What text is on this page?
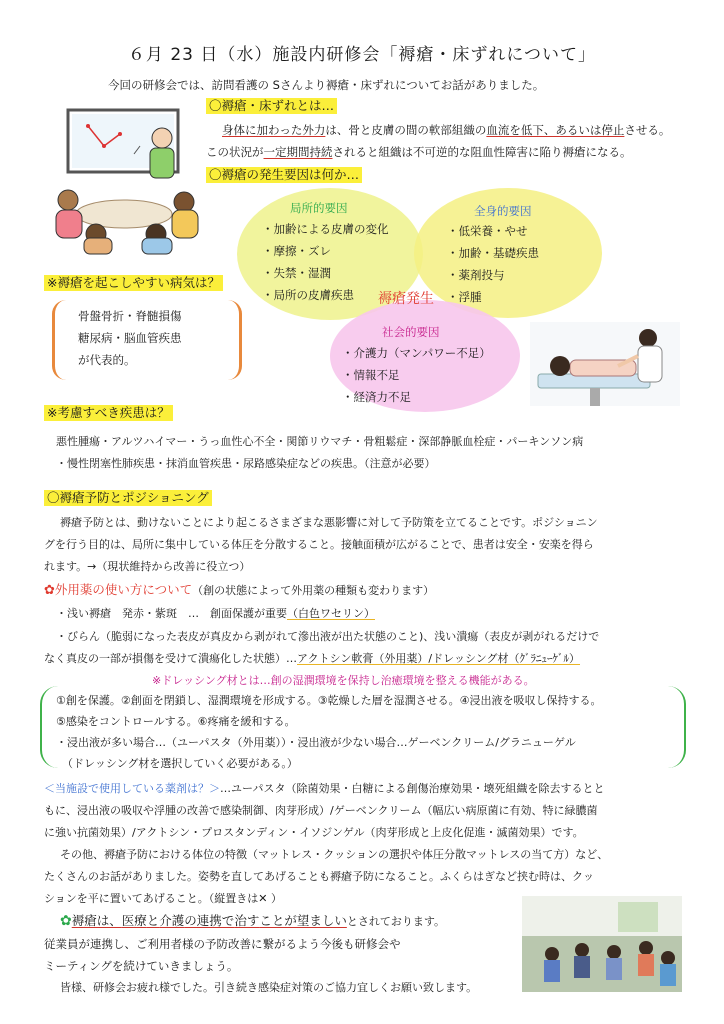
６月 23 日（水）施設内研修会「褥瘡・床ずれについて」
今回の研修会では、訪問看護の Sさんより褥瘡・床ずれについてお話がありました。
〇褥瘡・床ずれとは…
身体に加わった外力は、骨と皮膚の間の軟部組織の血流を低下、あるいは停止させる。
この状況が一定期間持続されると組織は不可逆的な阻血性障害に陥り褥瘡になる。
〇褥瘡の発生要因は何か…
局所的要因
・加齢による皮膚の変化
・摩擦・ズレ
・失禁・湿潤
・局所の皮膚疾患
全身的要因
・低栄養・やせ
・加齢・基礎疾患
・薬剤投与
・浮腫
褥瘡発生
社会的要因
・介護力（マンパワー不足）
・情報不足
・経済力不足
※褥瘡を起こしやすい病気は？
骨盤骨折・脊髄損傷
糖尿病・脳血管疾患
が代表的。
※考慮すべき疾患は？
悪性腫瘍・アルツハイマー・うっ血性心不全・関節リウマチ・骨粗鬆症・深部静脈血栓症・パーキンソン病
・慢性閉塞性肺疾患・抹消血管疾患・尿路感染症などの疾患。（注意が必要）
〇褥瘡予防とポジショニング
褥瘡予防とは、動けないことにより起こるさまざまな悪影響に対して予防策を立てることです。ポジショニン
グを行う目的は、局所に集中している体圧を分散すること。接触面積が広がることで、患者は安全・安楽を得ら
れます。→（現状維持から改善に役立つ）
✿外用薬の使い方について（創の状態によって外用薬の種類も変わります）
・浅い褥瘡　発赤・紫斑　…　創面保護が重要（白色ワセリン）
・びらん（脆弱になった表皮が真皮から剥がれて滲出液が出た状態のこと)、浅い潰瘍（表皮が剥がれるだけで
なく真皮の一部が損傷を受けて潰瘍化した状態）…アクトシン軟膏（外用薬）/ドレッシング材（ｸﾞﾗﾆｭｰｹﾞﾙ）
※ドレッシング材とは…創の湿潤環境を保持し治癒環境を整える機能がある。
①創を保護。②創面を閉鎖し、湿潤環境を形成する。③乾燥した層を湿潤させる。④浸出液を吸収し保持する。
⑤感染をコントロールする。⑥疼痛を緩和する。
・浸出液が多い場合…（ユーパスタ（外用薬））・浸出液が少ない場合…ゲーベンクリーム/グラニューゲル
（ドレッシング材を選択していく必要がある。）
＜当施設で使用している薬剤は？＞…ユーパスタ（除菌効果・白糖による創傷治療効果・壊死組織を除去するとと
もに、浸出液の吸収や浮腫の改善で感染制御、肉芽形成）/ゲーベンクリーム（幅広い病原菌に有効、特に緑膿菌
に強い抗菌効果）/アクトシン・プロスタンディン・イソジンゲル（肉芽形成と上皮化促進・滅菌効果）です。
その他、褥瘡予防における体位の特徴（マットレス・クッションの選択や体圧分散マットレスの当て方）など、
たくさんのお話がありました。姿勢を直してあげることも褥瘡予防になること。ふくらはぎなど挟む時は、クッ
ションを平に置いてあげること。（縦置きは✕ ）
✿褥瘡は、医療と介護の連携で治すことが望ましいとされております。
従業員が連携し、ご利用者様の予防改善に繋がるよう今後も研修会や
ミーティングを続けていきましょう。
皆様、研修会お疲れ様でした。引き続き感染症対策のご協力宜しくお願い致します。
